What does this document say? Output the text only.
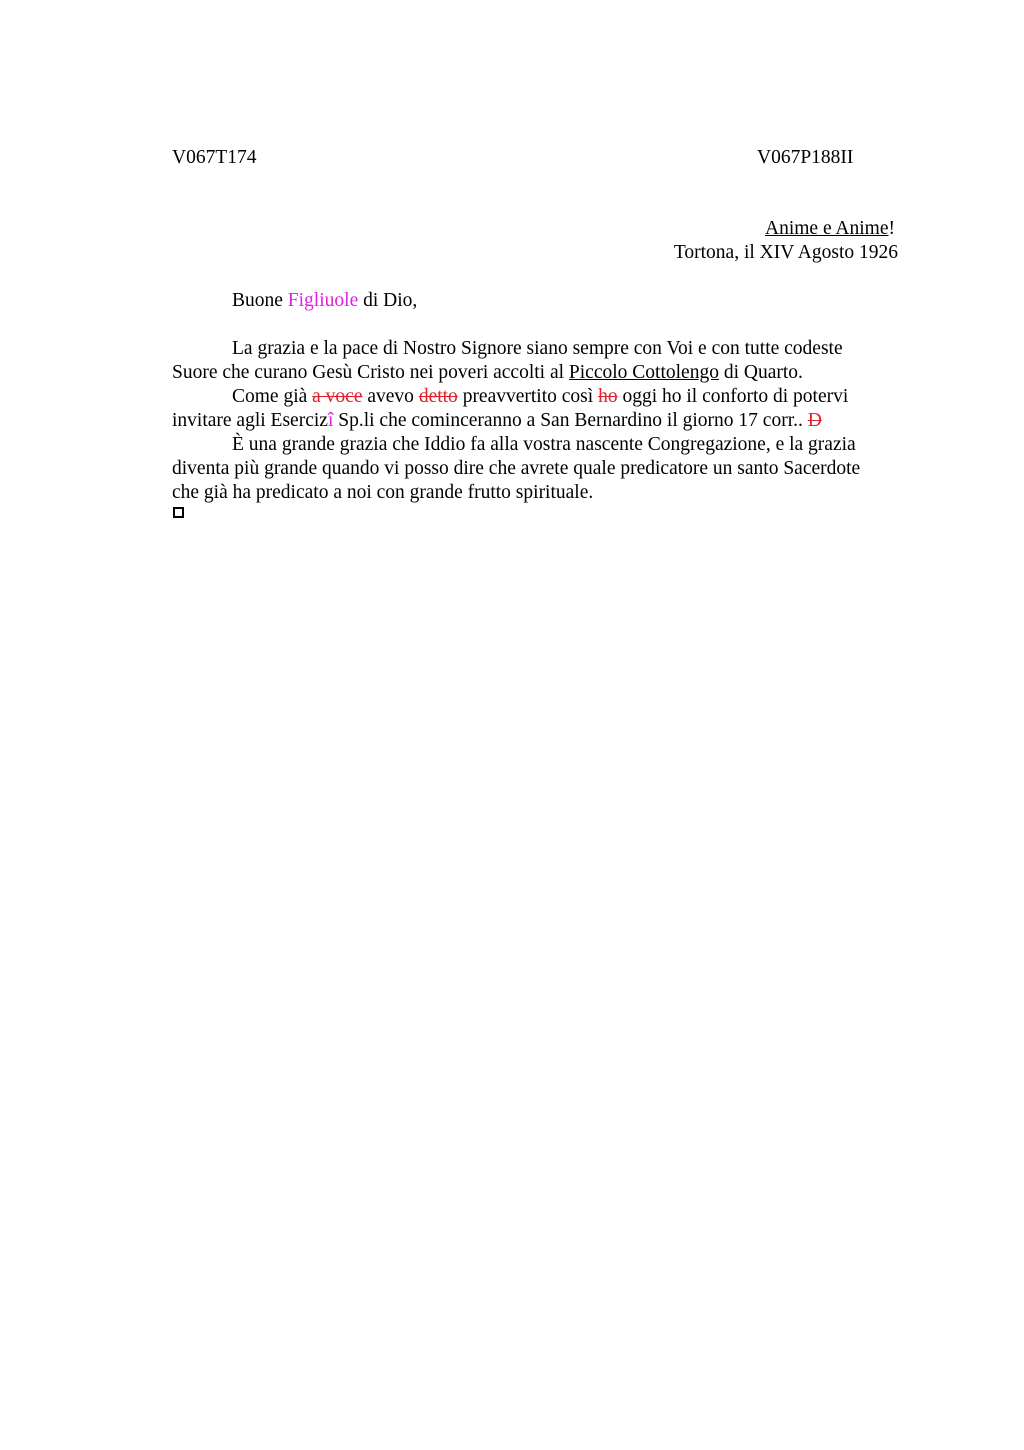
V067T174	V067P188II
Anime e Anime!
Tortona, il XIV Agosto 1926
Buone Figliuole di Dio,
La grazia e la pace di Nostro Signore siano sempre con Voi e con tutte codeste
Suore che curano Gesù Cristo nei poveri accolti al Piccolo Cottolengo di Quarto.
Come già a voce avevo detto preavvertito così ho oggi ho il conforto di potervi
invitare agli Esercizî Sp.li che cominceranno a San Bernardino il giorno 17 corr.. D
È una grande grazia che Iddio fa alla vostra nascente Congregazione, e la grazia
diventa più grande quando vi posso dire che avrete quale predicatore un santo Sacerdote
che già ha predicato a noi con grande frutto spirituale.
